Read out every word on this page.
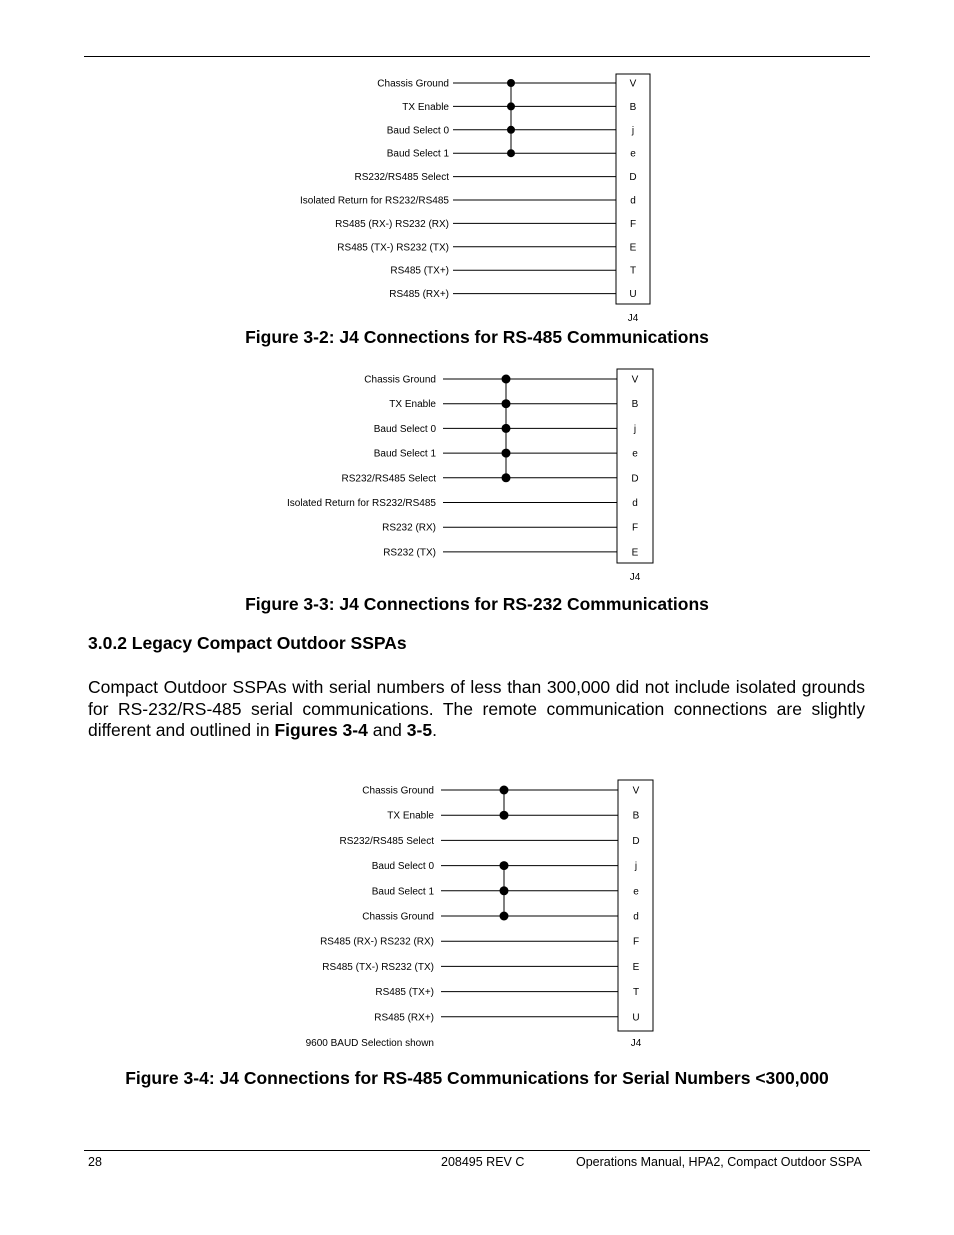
Chassis Ground
TX Enable
Baud Select 0
Baud Select 1
RS232/RS485 Select
Isolated Return for RS232/RS485
RS485 (RX-) RS232 (RX)
RS485 (TX-) RS232 (TX)
RS485 (TX+)
RS485 (RX+)
V
B
j
e
D
d
F
E
T
U
J4

Figure 3-2: J4 Connections for RS-485 Communications

Chassis Ground
TX Enable
Baud Select 0
Baud Select 1
RS232/RS485 Select
Isolated Return for RS232/RS485
RS232 (RX)
RS232 (TX)
V
B
j
e
D
d
F
E
J4

Figure 3-3: J4 Connections for RS-232 Communications

3.0.2 Legacy Compact Outdoor SSPAs

Compact Outdoor SSPAs with serial numbers of less than 300,000 did not include isolated grounds for RS-232/RS-485 serial communications. The remote communication connections are slightly different and outlined in Figures 3-4 and 3-5.

Chassis Ground
TX Enable
RS232/RS485 Select
Baud Select 0
Baud Select 1
Chassis Ground
RS485 (RX-) RS232 (RX)
RS485 (TX-) RS232 (TX)
RS485 (TX+)
RS485 (RX+)
V
B
D
j
e
d
F
E
T
U
J4
9600 BAUD Selection shown

Figure 3-4: J4 Connections for RS-485 Communications for Serial Numbers <300,000

28	208495 REV C	Operations Manual, HPA2, Compact Outdoor SSPA
